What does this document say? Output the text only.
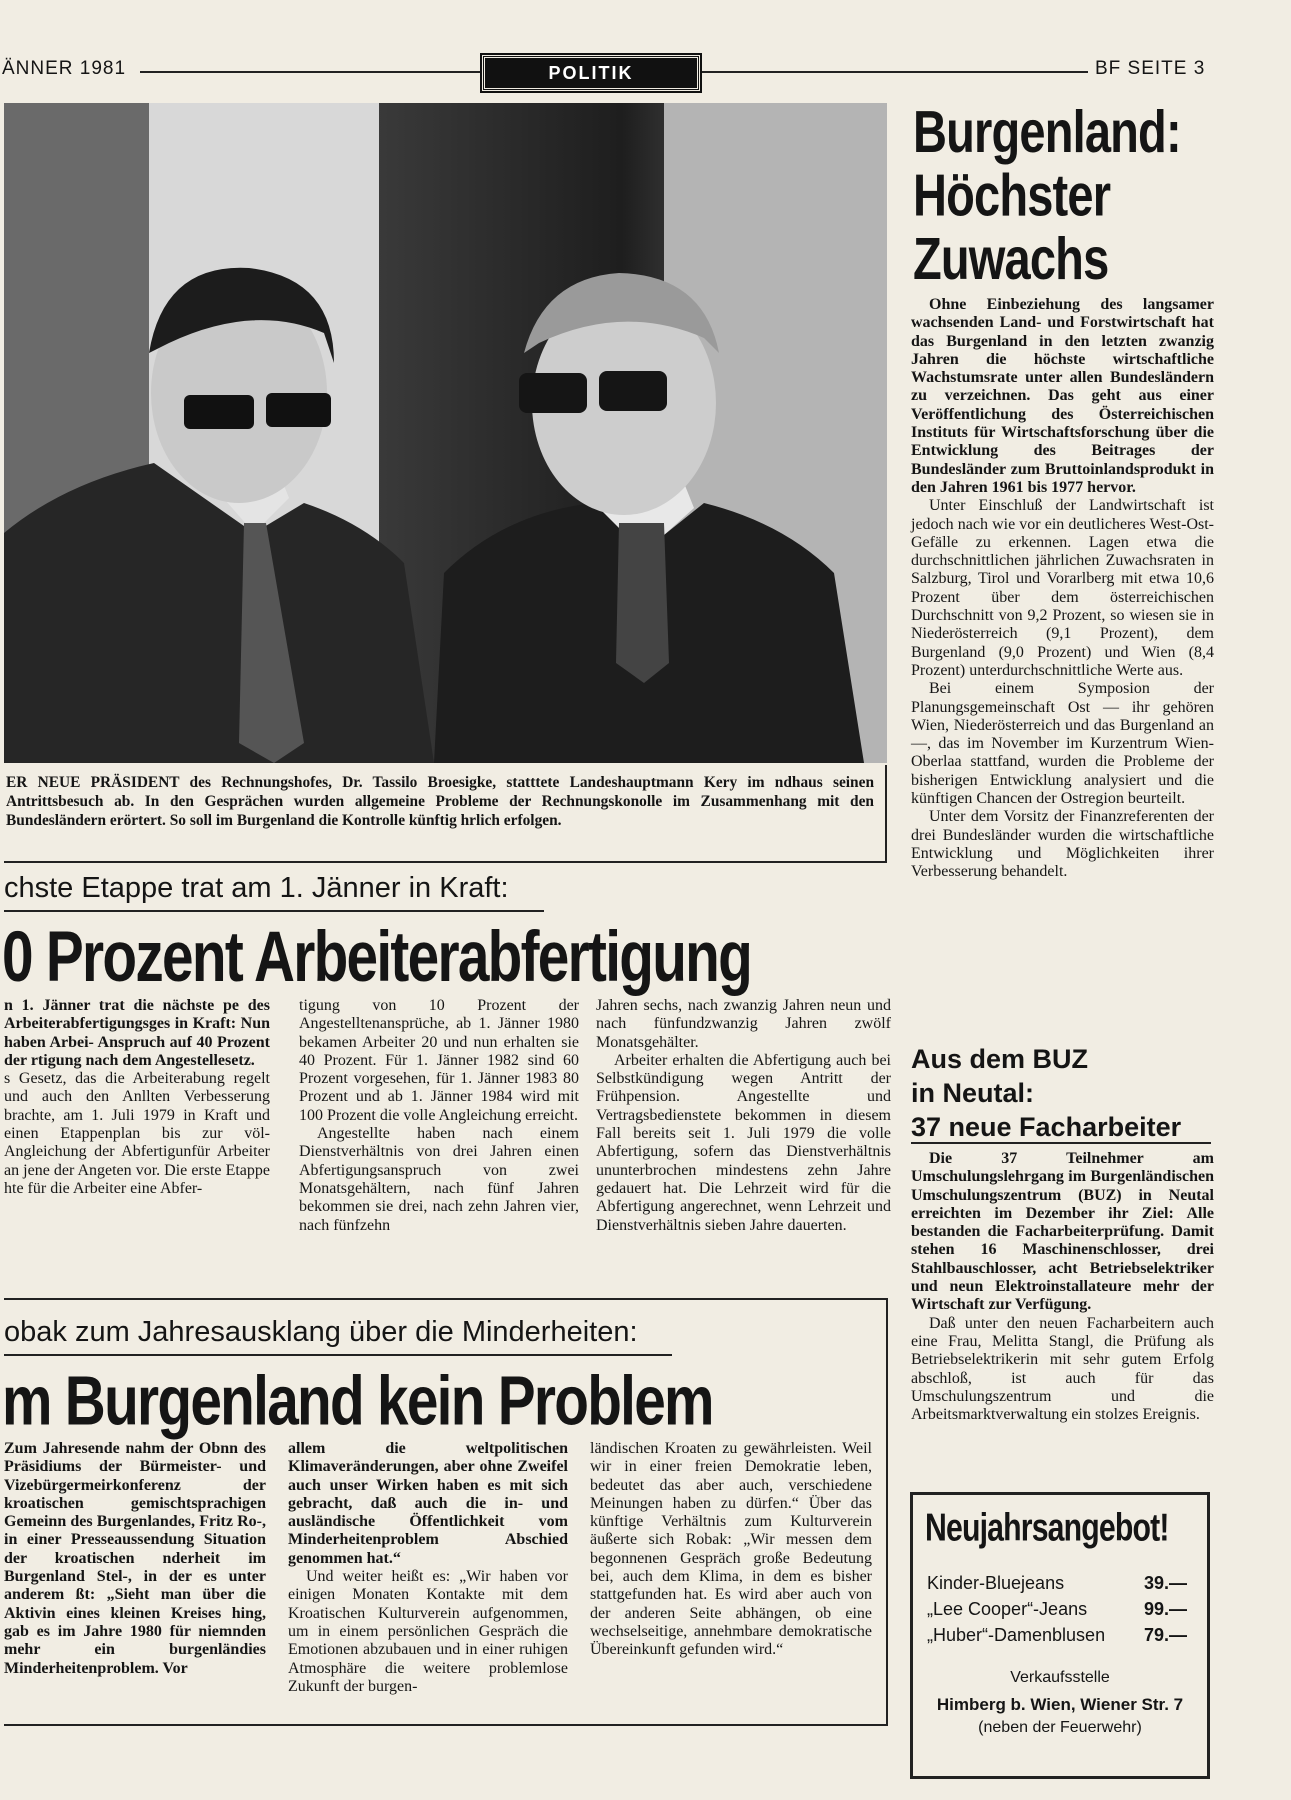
ÄNNER 1981	POLITIK	BF SEITE 3
ER NEUE PRÄSIDENT des Rechnungshofes, Dr. Tassilo Broesigke, statttete Landeshauptmann Kery im ndhaus seinen Antrittsbesuch ab. In den Gesprächen wurden allgemeine Probleme der Rechnungskonolle im Zusammenhang mit den Bundesländern erörtert. So soll im Burgenland die Kontrolle künftig hrlich erfolgen.
Burgenland:
Höchster
Zuwachs

Ohne Einbeziehung des langsamer wachsenden Land- und Forstwirtschaft hat das Burgenland in den letzten zwanzig Jahren die höchste wirtschaftliche Wachstumsrate unter allen Bundesländern zu verzeichnen. Das geht aus einer Veröffentlichung des Österreichischen Instituts für Wirtschaftsforschung über die Entwicklung des Beitrages der Bundesländer zum Bruttoinlandsprodukt in den Jahren 1961 bis 1977 hervor.

Unter Einschluß der Landwirtschaft ist jedoch nach wie vor ein deutlicheres West-Ost-Gefälle zu erkennen. Lagen etwa die durchschnittlichen jährlichen Zuwachsraten in Salzburg, Tirol und Vorarlberg mit etwa 10,6 Prozent über dem österreichischen Durchschnitt von 9,2 Prozent, so wiesen sie in Niederösterreich (9,1 Prozent), dem Burgenland (9,0 Prozent) und Wien (8,4 Prozent) unterdurchschnittliche Werte aus.

Bei einem Symposion der Planungsgemeinschaft Ost — ihr gehören Wien, Niederösterreich und das Burgenland an —, das im November im Kurzentrum Wien-Oberlaa stattfand, wurden die Probleme der bisherigen Entwicklung analysiert und die künftigen Chancen der Ostregion beurteilt.

Unter dem Vorsitz der Finanzreferenten der drei Bundesländer wurden die wirtschaftliche Entwicklung und Möglichkeiten ihrer Verbesserung behandelt.

chste Etappe trat am 1. Jänner in Kraft:
0 Prozent Arbeiterabfertigung

n 1. Jänner trat die nächste pe des Arbeiterabfertigungsges in Kraft: Nun haben Arbei- Anspruch auf 40 Prozent der rtigung nach dem Angestellesetz.

s Gesetz, das die Arbeiterabung regelt und auch den Anllten Verbesserung brachte, am 1. Juli 1979 in Kraft und einen Etappenplan bis zur völ- Angleichung der Abfertigunfür Arbeiter an jene der Angeten vor. Die erste Etappe hte für die Arbeiter eine Abfer-

tigung von 10 Prozent der Angestelltenansprüche, ab 1. Jänner 1980 bekamen Arbeiter 20 und nun erhalten sie 40 Prozent. Für 1. Jänner 1982 sind 60 Prozent vorgesehen, für 1. Jänner 1983 80 Prozent und ab 1. Jänner 1984 wird mit 100 Prozent die volle Angleichung erreicht.

Angestellte haben nach einem Dienstverhältnis von drei Jahren einen Abfertigungsanspruch von zwei Monatsgehältern, nach fünf Jahren bekommen sie drei, nach zehn Jahren vier, nach fünfzehn

Jahren sechs, nach zwanzig Jahren neun und nach fünfundzwanzig Jahren zwölf Monatsgehälter.

Arbeiter erhalten die Abfertigung auch bei Selbstkündigung wegen Antritt der Frühpension. Angestellte und Vertragsbedienstete bekommen in diesem Fall bereits seit 1. Juli 1979 die volle Abfertigung, sofern das Dienstverhältnis ununterbrochen mindestens zehn Jahre gedauert hat. Die Lehrzeit wird für die Abfertigung angerechnet, wenn Lehrzeit und Dienstverhältnis sieben Jahre dauerten.

obak zum Jahresausklang über die Minderheiten:
m Burgenland kein Problem

Zum Jahresende nahm der Obnn des Präsidiums der Bürmeister- und Vizebürgermeirkonferenz der kroatischen gemischtsprachigen Gemeinn des Burgenlandes, Fritz Ro-, in einer Presseaussendung Situation der kroatischen nderheit im Burgenland Stel-, in der es unter anderem ßt: „Sieht man über die Aktivin eines kleinen Kreises hing, gab es im Jahre 1980 für niemnden mehr ein burgenländies Minderheitenproblem. Vor

allem die weltpolitischen Klimaveränderungen, aber ohne Zweifel auch unser Wirken haben es mit sich gebracht, daß auch die in- und ausländische Öffentlichkeit vom Minderheitenproblem Abschied genommen hat.“

Und weiter heißt es: „Wir haben vor einigen Monaten Kontakte mit dem Kroatischen Kulturverein aufgenommen, um in einem persönlichen Gespräch die Emotionen abzubauen und in einer ruhigen Atmosphäre die weitere problemlose Zukunft der burgen-

ländischen Kroaten zu gewährleisten. Weil wir in einer freien Demokratie leben, bedeutet das aber auch, verschiedene Meinungen haben zu dürfen.“ Über das künftige Verhältnis zum Kulturverein äußerte sich Robak: „Wir messen dem begonnenen Gespräch große Bedeutung bei, auch dem Klima, in dem es bisher stattgefunden hat. Es wird aber auch von der anderen Seite abhängen, ob eine wechselseitige, annehmbare demokratische Übereinkunft gefunden wird.“

Aus dem BUZ
in Neutal:
37 neue Facharbeiter

Die 37 Teilnehmer am Umschulungslehrgang im Burgenländischen Umschulungszentrum (BUZ) in Neutal erreichten im Dezember ihr Ziel: Alle bestanden die Facharbeiterprüfung. Damit stehen 16 Maschinenschlosser, drei Stahlbauschlosser, acht Betriebselektriker und neun Elektroinstallateure mehr der Wirtschaft zur Verfügung.

Daß unter den neuen Facharbeitern auch eine Frau, Melitta Stangl, die Prüfung als Betriebselektrikerin mit sehr gutem Erfolg abschloß, ist auch für das Umschulungszentrum und die Arbeitsmarktverwaltung ein stolzes Ereignis.

Neujahrsangebot!
Kinder-Bluejeans	39.—
„Lee Cooper“-Jeans	99.—
„Huber“-Damenblusen 79.—
Verkaufsstelle
Himberg b. Wien, Wiener Str. 7
(neben der Feuerwehr)
